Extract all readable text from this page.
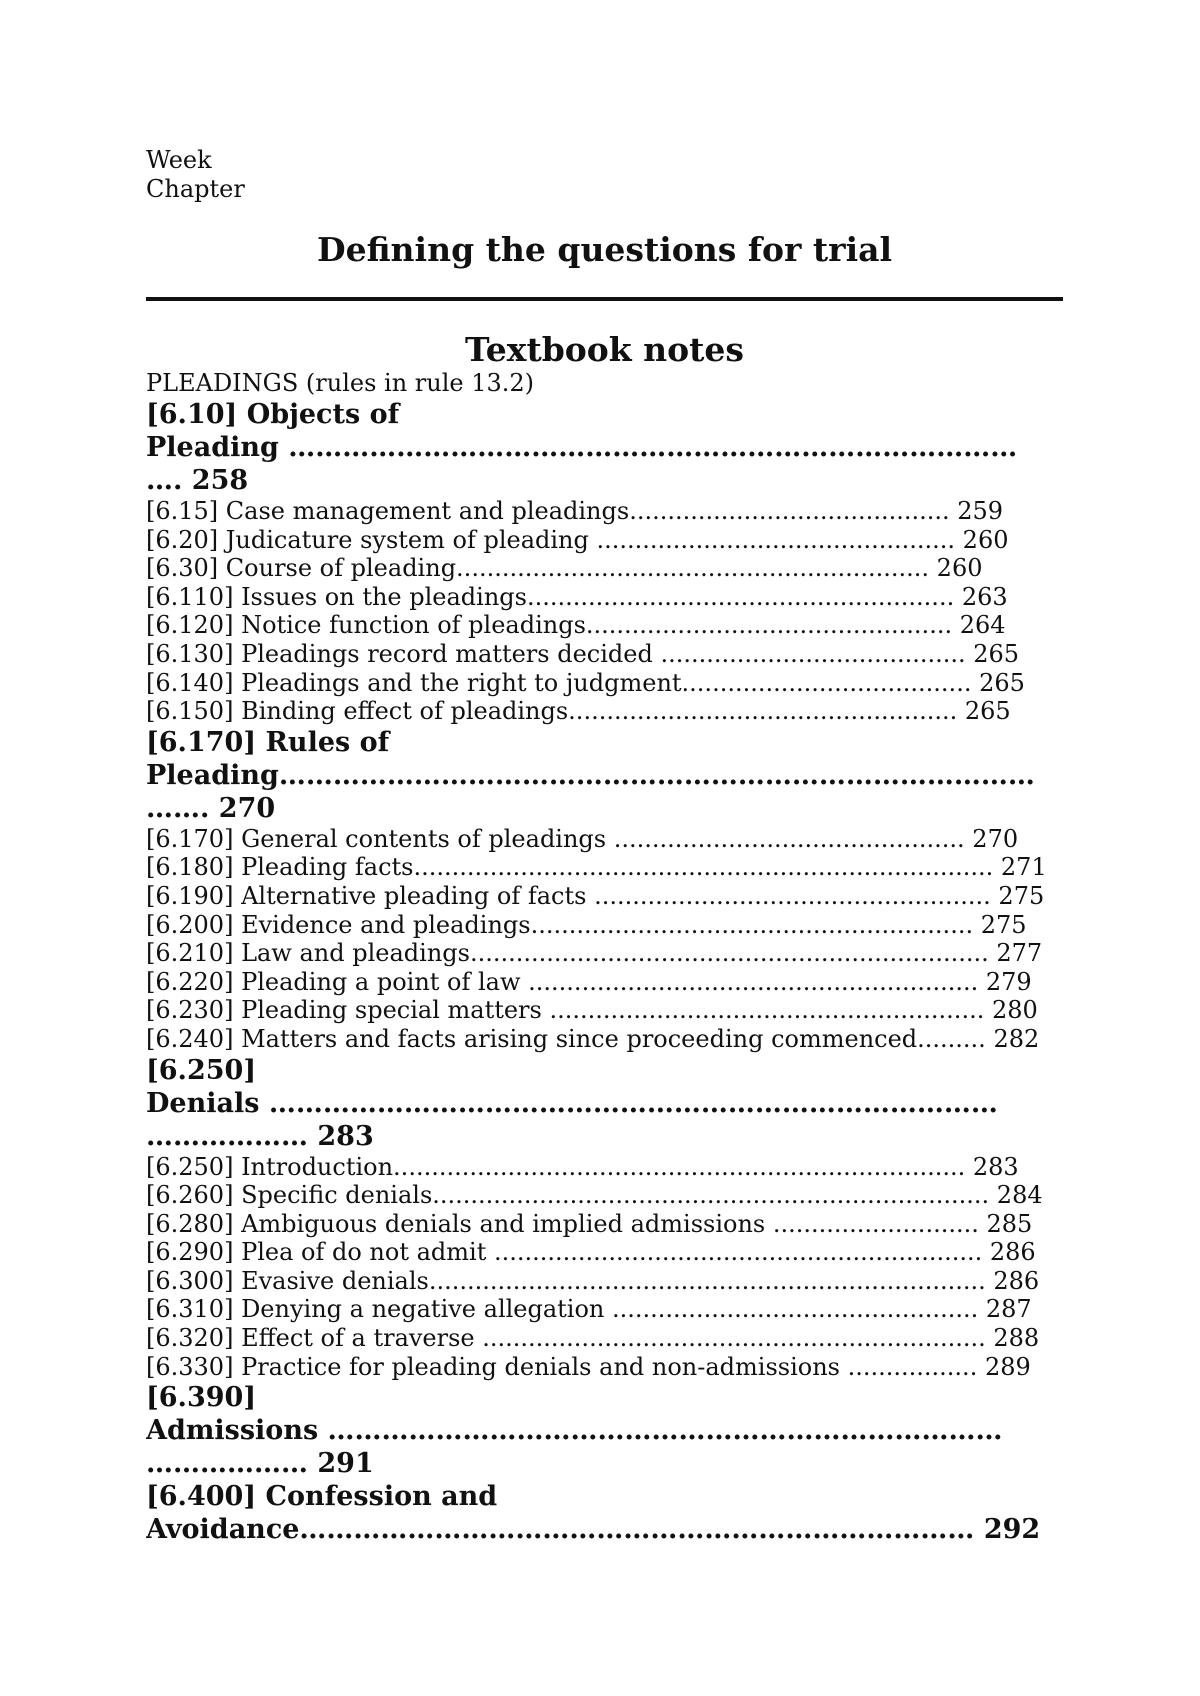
Week
Chapter
Defining the questions for trial
Textbook notes
PLEADINGS (rules in rule 13.2)
[6.10] Objects of
Pleading ………………………………………………………………………
…. 258
[6.15] Case management and pleadings.......................................... 259
[6.20] Judicature system of pleading ............................................... 260
[6.30] Course of pleading.............................................................. 260
[6.110] Issues on the pleadings........................................................ 263
[6.120] Notice function of pleadings................................................ 264
[6.130] Pleadings record matters decided ........................................ 265
[6.140] Pleadings and the right to judgment...................................... 265
[6.150] Binding effect of pleadings................................................... 265
[6.170] Rules of
Pleading…………………………………………………………………………
……. 270
[6.170] General contents of pleadings .............................................. 270
[6.180] Pleading facts............................................................................ 271
[6.190] Alternative pleading of facts .................................................... 275
[6.200] Evidence and pleadings.......................................................... 275
[6.210] Law and pleadings.................................................................... 277
[6.220] Pleading a point of law ........................................................... 279
[6.230] Pleading special matters ......................................................... 280
[6.240] Matters and facts arising since proceeding commenced......... 282
[6.250]
Denials ………………………………………………………………………
……………… 283
[6.250] Introduction........................................................................... 283
[6.260] Specific denials......................................................................... 284
[6.280] Ambiguous denials and implied admissions ........................... 285
[6.290] Plea of do not admit ................................................................ 286
[6.300] Evasive denials......................................................................... 286
[6.310] Denying a negative allegation ................................................ 287
[6.320] Effect of a traverse .................................................................. 288
[6.330] Practice for pleading denials and non-admissions ................. 289
[6.390]
Admissions …………………………………………………………………
……………… 291
[6.400] Confession and
Avoidance………………………………………………………………… 292
